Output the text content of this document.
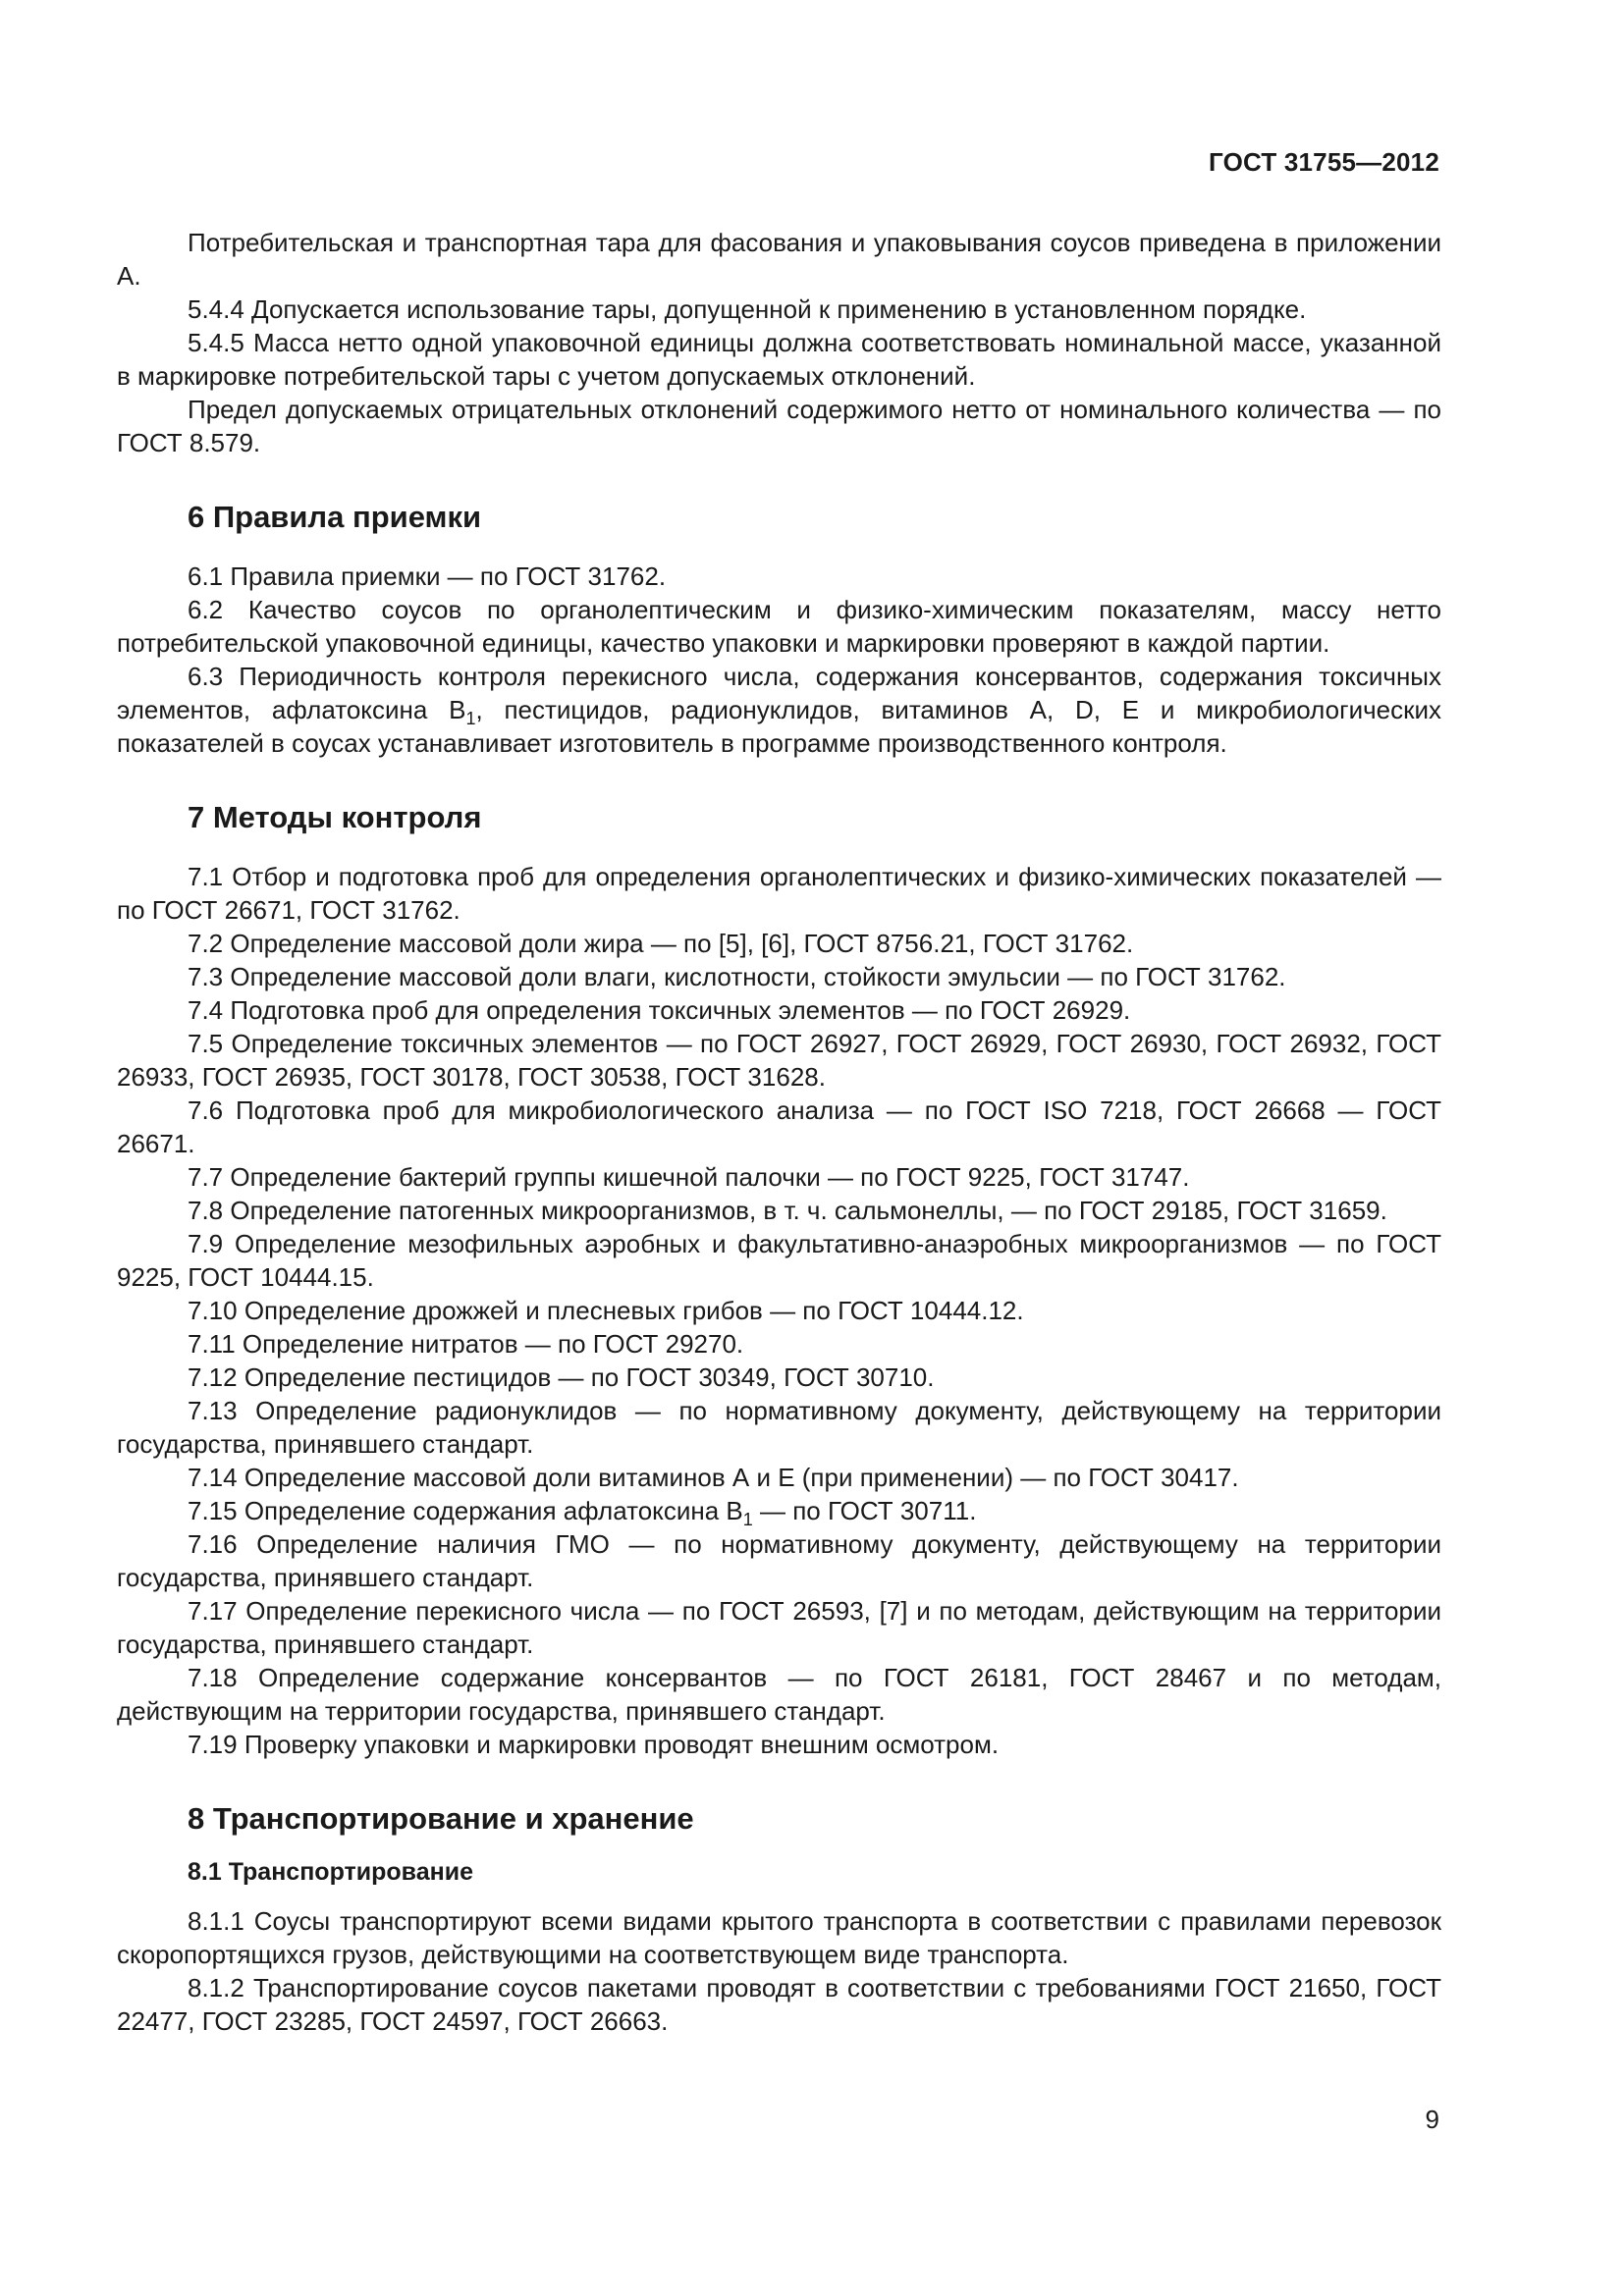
ГОСТ 31755—2012

Потребительская и транспортная тара для фасования и упаковывания соусов приведена в приложении А.

5.4.4 Допускается использование тары, допущенной к применению в установленном порядке.

5.4.5 Масса нетто одной упаковочной единицы должна соответствовать номинальной массе, указанной в маркировке потребительской тары с учетом допускаемых отклонений.

Предел допускаемых отрицательных отклонений содержимого нетто от номинального количества — по ГОСТ 8.579.

6 Правила приемки

6.1 Правила приемки — по ГОСТ 31762.

6.2 Качество соусов по органолептическим и физико-химическим показателям, массу нетто потребительской упаковочной единицы, качество упаковки и маркировки проверяют в каждой партии.

6.3 Периодичность контроля перекисного числа, содержания консервантов, содержания токсичных элементов, афлатоксина $В_1$, пестицидов, радионуклидов, витаминов А, D, Е и микробиологических показателей в соусах устанавливает изготовитель в программе производственного контроля.

7 Методы контроля

7.1 Отбор и подготовка проб для определения органолептических и физико-химических показателей — по ГОСТ 26671, ГОСТ 31762.

7.2 Определение массовой доли жира — по [5], [6], ГОСТ 8756.21, ГОСТ 31762.

7.3 Определение массовой доли влаги, кислотности, стойкости эмульсии — по ГОСТ 31762.

7.4 Подготовка проб для определения токсичных элементов — по ГОСТ 26929.

7.5 Определение токсичных элементов — по ГОСТ 26927, ГОСТ 26929, ГОСТ 26930, ГОСТ 26932, ГОСТ 26933, ГОСТ 26935, ГОСТ 30178, ГОСТ 30538, ГОСТ 31628.

7.6 Подготовка проб для микробиологического анализа — по ГОСТ ISO 7218, ГОСТ 26668 — ГОСТ 26671.

7.7 Определение бактерий группы кишечной палочки — по ГОСТ 9225, ГОСТ 31747.

7.8 Определение патогенных микроорганизмов, в т. ч. сальмонеллы, — по ГОСТ 29185, ГОСТ 31659.

7.9 Определение мезофильных аэробных и факультативно-анаэробных микроорганизмов — по ГОСТ 9225, ГОСТ 10444.15.

7.10 Определение дрожжей и плесневых грибов — по ГОСТ 10444.12.

7.11 Определение нитратов — по ГОСТ 29270.

7.12 Определение пестицидов — по ГОСТ 30349, ГОСТ 30710.

7.13 Определение радионуклидов — по нормативному документу, действующему на территории государства, принявшего стандарт.

7.14 Определение массовой доли витаминов А и Е (при применении) — по ГОСТ 30417.

7.15 Определение содержания афлатоксина $В_1$ — по ГОСТ 30711.

7.16 Определение наличия ГМО — по нормативному документу, действующему на территории государства, принявшего стандарт.

7.17 Определение перекисного числа — по ГОСТ 26593, [7] и по методам, действующим на территории государства, принявшего стандарт.

7.18 Определение содержание консервантов — по ГОСТ 26181, ГОСТ 28467 и по методам, действующим на территории государства, принявшего стандарт.

7.19 Проверку упаковки и маркировки проводят внешним осмотром.

8 Транспортирование и хранение
8.1 Транспортирование

8.1.1 Соусы транспортируют всеми видами крытого транспорта в соответствии с правилами перевозок скоропортящихся грузов, действующими на соответствующем виде транспорта.

8.1.2 Транспортирование соусов пакетами проводят в соответствии с требованиями ГОСТ 21650, ГОСТ 22477, ГОСТ 23285, ГОСТ 24597, ГОСТ 26663.

9
